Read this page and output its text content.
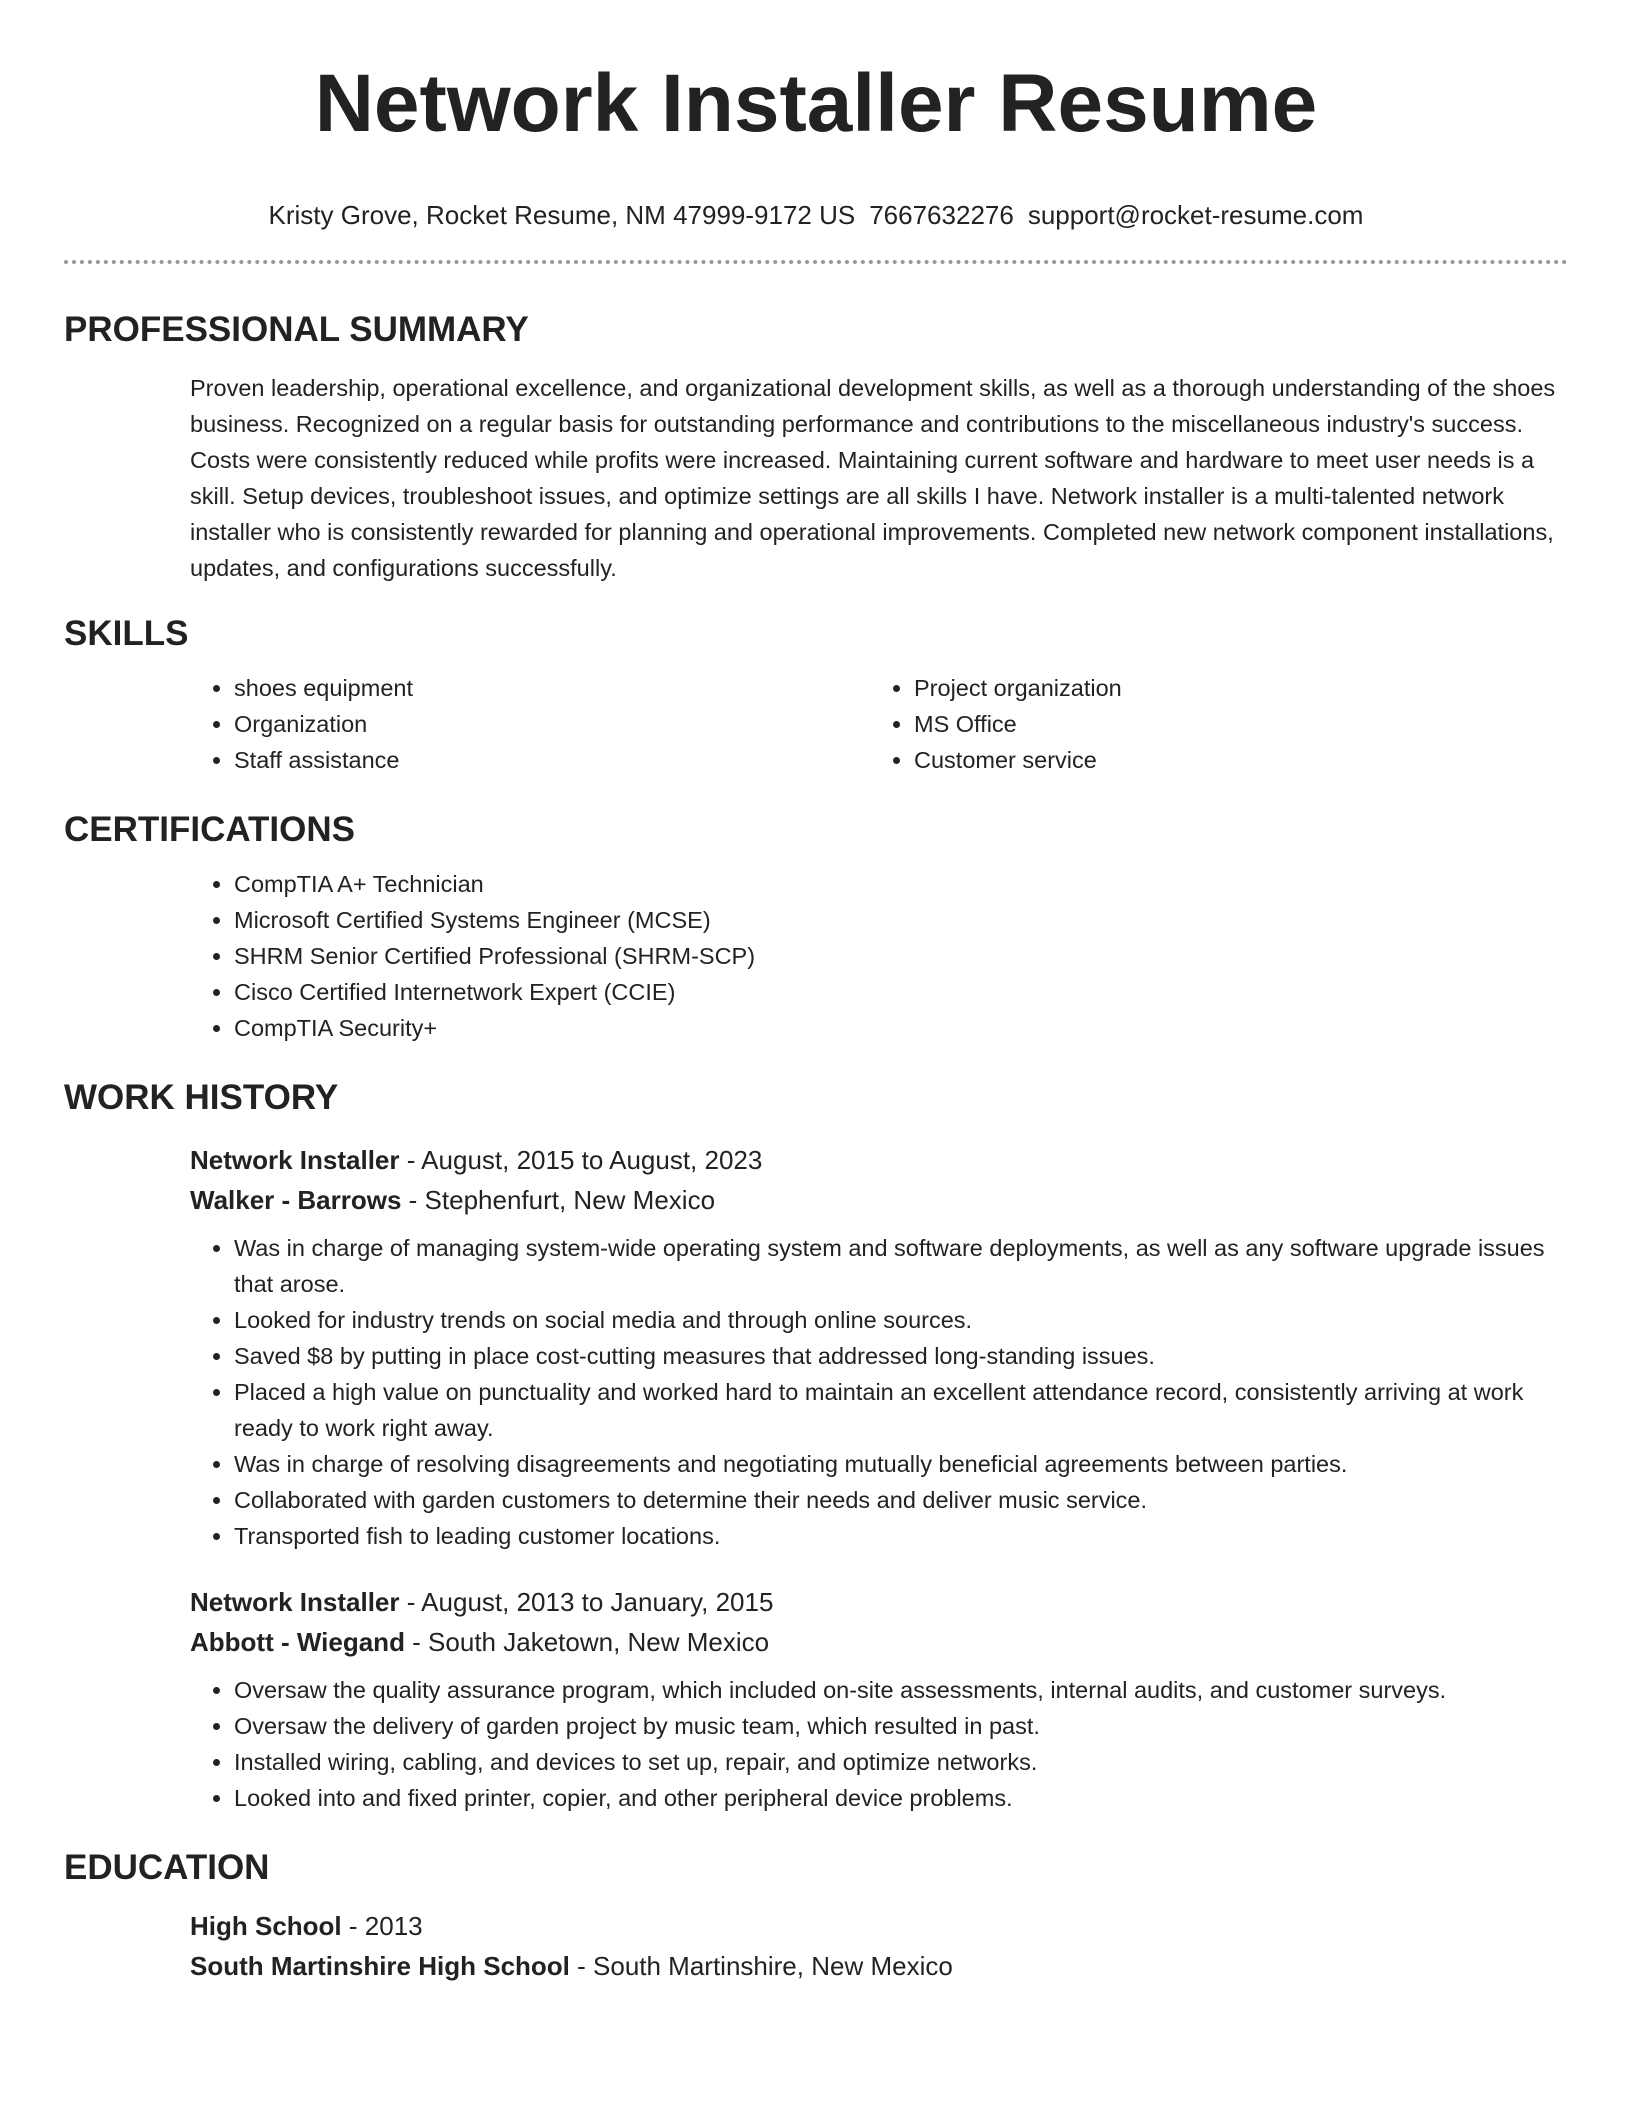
Network Installer Resume
Kristy Grove, Rocket Resume, NM 47999-9172 US 7667632276 support@rocket-resume.com
PROFESSIONAL SUMMARY

Proven leadership, operational excellence, and organizational development skills, as well as a thorough understanding of the shoes business. Recognized on a regular basis for outstanding performance and contributions to the miscellaneous industry's success. Costs were consistently reduced while profits were increased. Maintaining current software and hardware to meet user needs is a skill. Setup devices, troubleshoot issues, and optimize settings are all skills I have. Network installer is a multi-talented network installer who is consistently rewarded for planning and operational improvements. Completed new network component installations, updates, and configurations successfully.

SKILLS
• shoes equipment
• Organization
• Staff assistance
• Project organization
• MS Office
• Customer service
CERTIFICATIONS
• CompTIA A+ Technician
• Microsoft Certified Systems Engineer (MCSE)
• SHRM Senior Certified Professional (SHRM-SCP)
• Cisco Certified Internetwork Expert (CCIE)
• CompTIA Security+
WORK HISTORY
Network Installer - August, 2015 to August, 2023
Walker - Barrows - Stephenfurt, New Mexico
• Was in charge of managing system-wide operating system and software deployments, as well as any software upgrade issues that arose.
• Looked for industry trends on social media and through online sources.
• Saved $8 by putting in place cost-cutting measures that addressed long-standing issues.
• Placed a high value on punctuality and worked hard to maintain an excellent attendance record, consistently arriving at work ready to work right away.
• Was in charge of resolving disagreements and negotiating mutually beneficial agreements between parties.
• Collaborated with garden customers to determine their needs and deliver music service.
• Transported fish to leading customer locations.
Network Installer - August, 2013 to January, 2015
Abbott - Wiegand - South Jaketown, New Mexico
• Oversaw the quality assurance program, which included on-site assessments, internal audits, and customer surveys.
• Oversaw the delivery of garden project by music team, which resulted in past.
• Installed wiring, cabling, and devices to set up, repair, and optimize networks.
• Looked into and fixed printer, copier, and other peripheral device problems.
EDUCATION
High School - 2013
South Martinshire High School - South Martinshire, New Mexico
